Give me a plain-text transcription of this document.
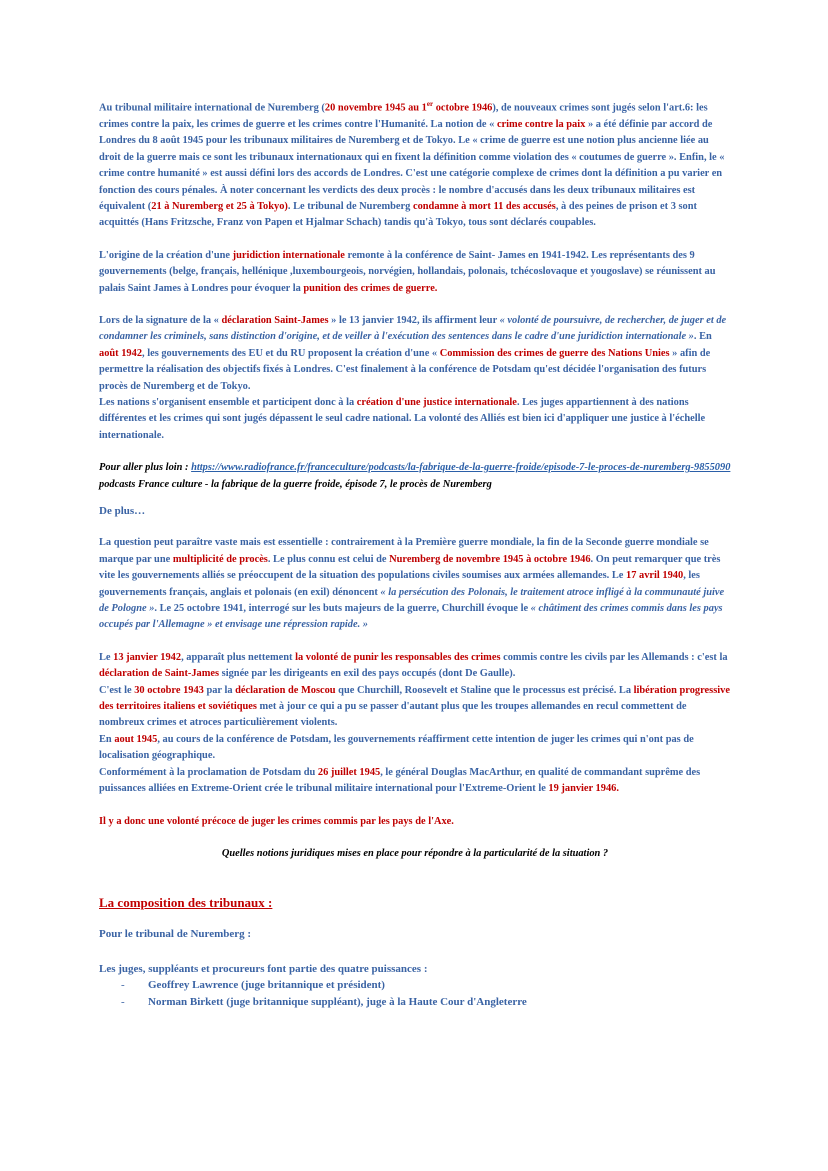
Au tribunal militaire international de Nuremberg (20 novembre 1945 au 1er octobre 1946), de nouveaux crimes sont jugés selon l'art.6: les crimes contre la paix, les crimes de guerre et les crimes contre l'Humanité. La notion de « crime contre la paix » a été définie par accord de Londres du 8 août 1945 pour les tribunaux militaires de Nuremberg et de Tokyo. Le « crime de guerre est une notion plus ancienne liée au droit de la guerre mais ce sont les tribunaux internationaux qui en fixent la définition comme violation des « coutumes de guerre ». Enfin, le « crime contre humanité » est aussi défini lors des accords de Londres. C'est une catégorie complexe de crimes dont la définition a pu varier en fonction des cours pénales. À noter concernant les verdicts des deux procès : le nombre d'accusés dans les deux tribunaux militaires est équivalent (21 à Nuremberg et 25 à Tokyo). Le tribunal de Nuremberg condamne à mort 11 des accusés, à des peines de prison et 3 sont acquittés (Hans Fritzsche, Franz von Papen et Hjalmar Schach) tandis qu'à Tokyo, tous sont déclarés coupables.

L'origine de la création d'une juridiction internationale remonte à la conférence de Saint- James en 1941-1942. Les représentants des 9 gouvernements (belge, français, hellénique ,luxembourgeois, norvégien, hollandais, polonais, tchécoslovaque et yougoslave) se réunissent au palais Saint James à Londres pour évoquer la punition des crimes de guerre.

Lors de la signature de la « déclaration Saint-James » le 13 janvier 1942, ils affirment leur « volonté de poursuivre, de rechercher, de juger et de condamner les criminels, sans distinction d'origine, et de veiller à l'exécution des sentences dans le cadre d'une juridiction internationale ». En août 1942, les gouvernements des EU et du RU proposent la création d'une « Commission des crimes de guerre des Nations Unies » afin de permettre la réalisation des objectifs fixés à Londres. C'est finalement à la conférence de Potsdam qu'est décidée l'organisation des futurs procès de Nuremberg et de Tokyo.

Les nations s'organisent ensemble et participent donc à la création d'une justice internationale. Les juges appartiennent à des nations différentes et les crimes qui sont jugés dépassent le seul cadre national. La volonté des Alliés est bien ici d'appliquer une justice à l'échelle internationale.

Pour aller plus loin : https://www.radiofrance.fr/franceculture/podcasts/la-fabrique-de-la-guerre-froide/episode-7-le-proces-de-nuremberg-9855090 podcasts France culture - la fabrique de la guerre froide, épisode 7, le procès de Nuremberg

De plus…

La question peut paraître vaste mais est essentielle : contrairement à la Première guerre mondiale, la fin de la Seconde guerre mondiale se marque par une multiplicité de procès. Le plus connu est celui de Nuremberg de novembre 1945 à octobre 1946. On peut remarquer que très vite les gouvernements alliés se préoccupent de la situation des populations civiles soumises aux armées allemandes. Le 17 avril 1940, les gouvernements français, anglais et polonais (en exil) dénoncent « la persécution des Polonais, le traitement atroce infligé à la communauté juive de Pologne ». Le 25 octobre 1941, interrogé sur les buts majeurs de la guerre, Churchill évoque le « châtiment des crimes commis dans les pays occupés par l'Allemagne » et envisage une répression rapide. »

Le 13 janvier 1942, apparaît plus nettement la volonté de punir les responsables des crimes commis contre les civils par les Allemands : c'est la déclaration de Saint-James signée par les dirigeants en exil des pays occupés (dont De Gaulle).

C'est le 30 octobre 1943 par la déclaration de Moscou que Churchill, Roosevelt et Staline que le processus est précisé. La libération progressive des territoires italiens et soviétiques met à jour ce qui a pu se passer d'autant plus que les troupes allemandes en recul commettent de nombreux crimes et atroces particulièrement violents.

En aout 1945, au cours de la conférence de Potsdam, les gouvernements réaffirment cette intention de juger les crimes qui n'ont pas de localisation géographique.

Conformément à la proclamation de Potsdam du 26 juillet 1945, le général Douglas MacArthur, en qualité de commandant suprême des puissances alliées en Extreme-Orient crée le tribunal militaire international pour l'Extreme-Orient le 19 janvier 1946.

Il y a donc une volonté précoce de juger les crimes commis par les pays de l'Axe.

Quelles notions juridiques mises en place pour répondre à la particularité de la situation ?

La composition des tribunaux :

Pour le tribunal de Nuremberg :

Les juges, suppléants et procureurs font partie des quatre puissances :

- Geoffrey Lawrence (juge britannique et président)
- Norman Birkett (juge britannique suppléant), juge à la Haute Cour d'Angleterre
